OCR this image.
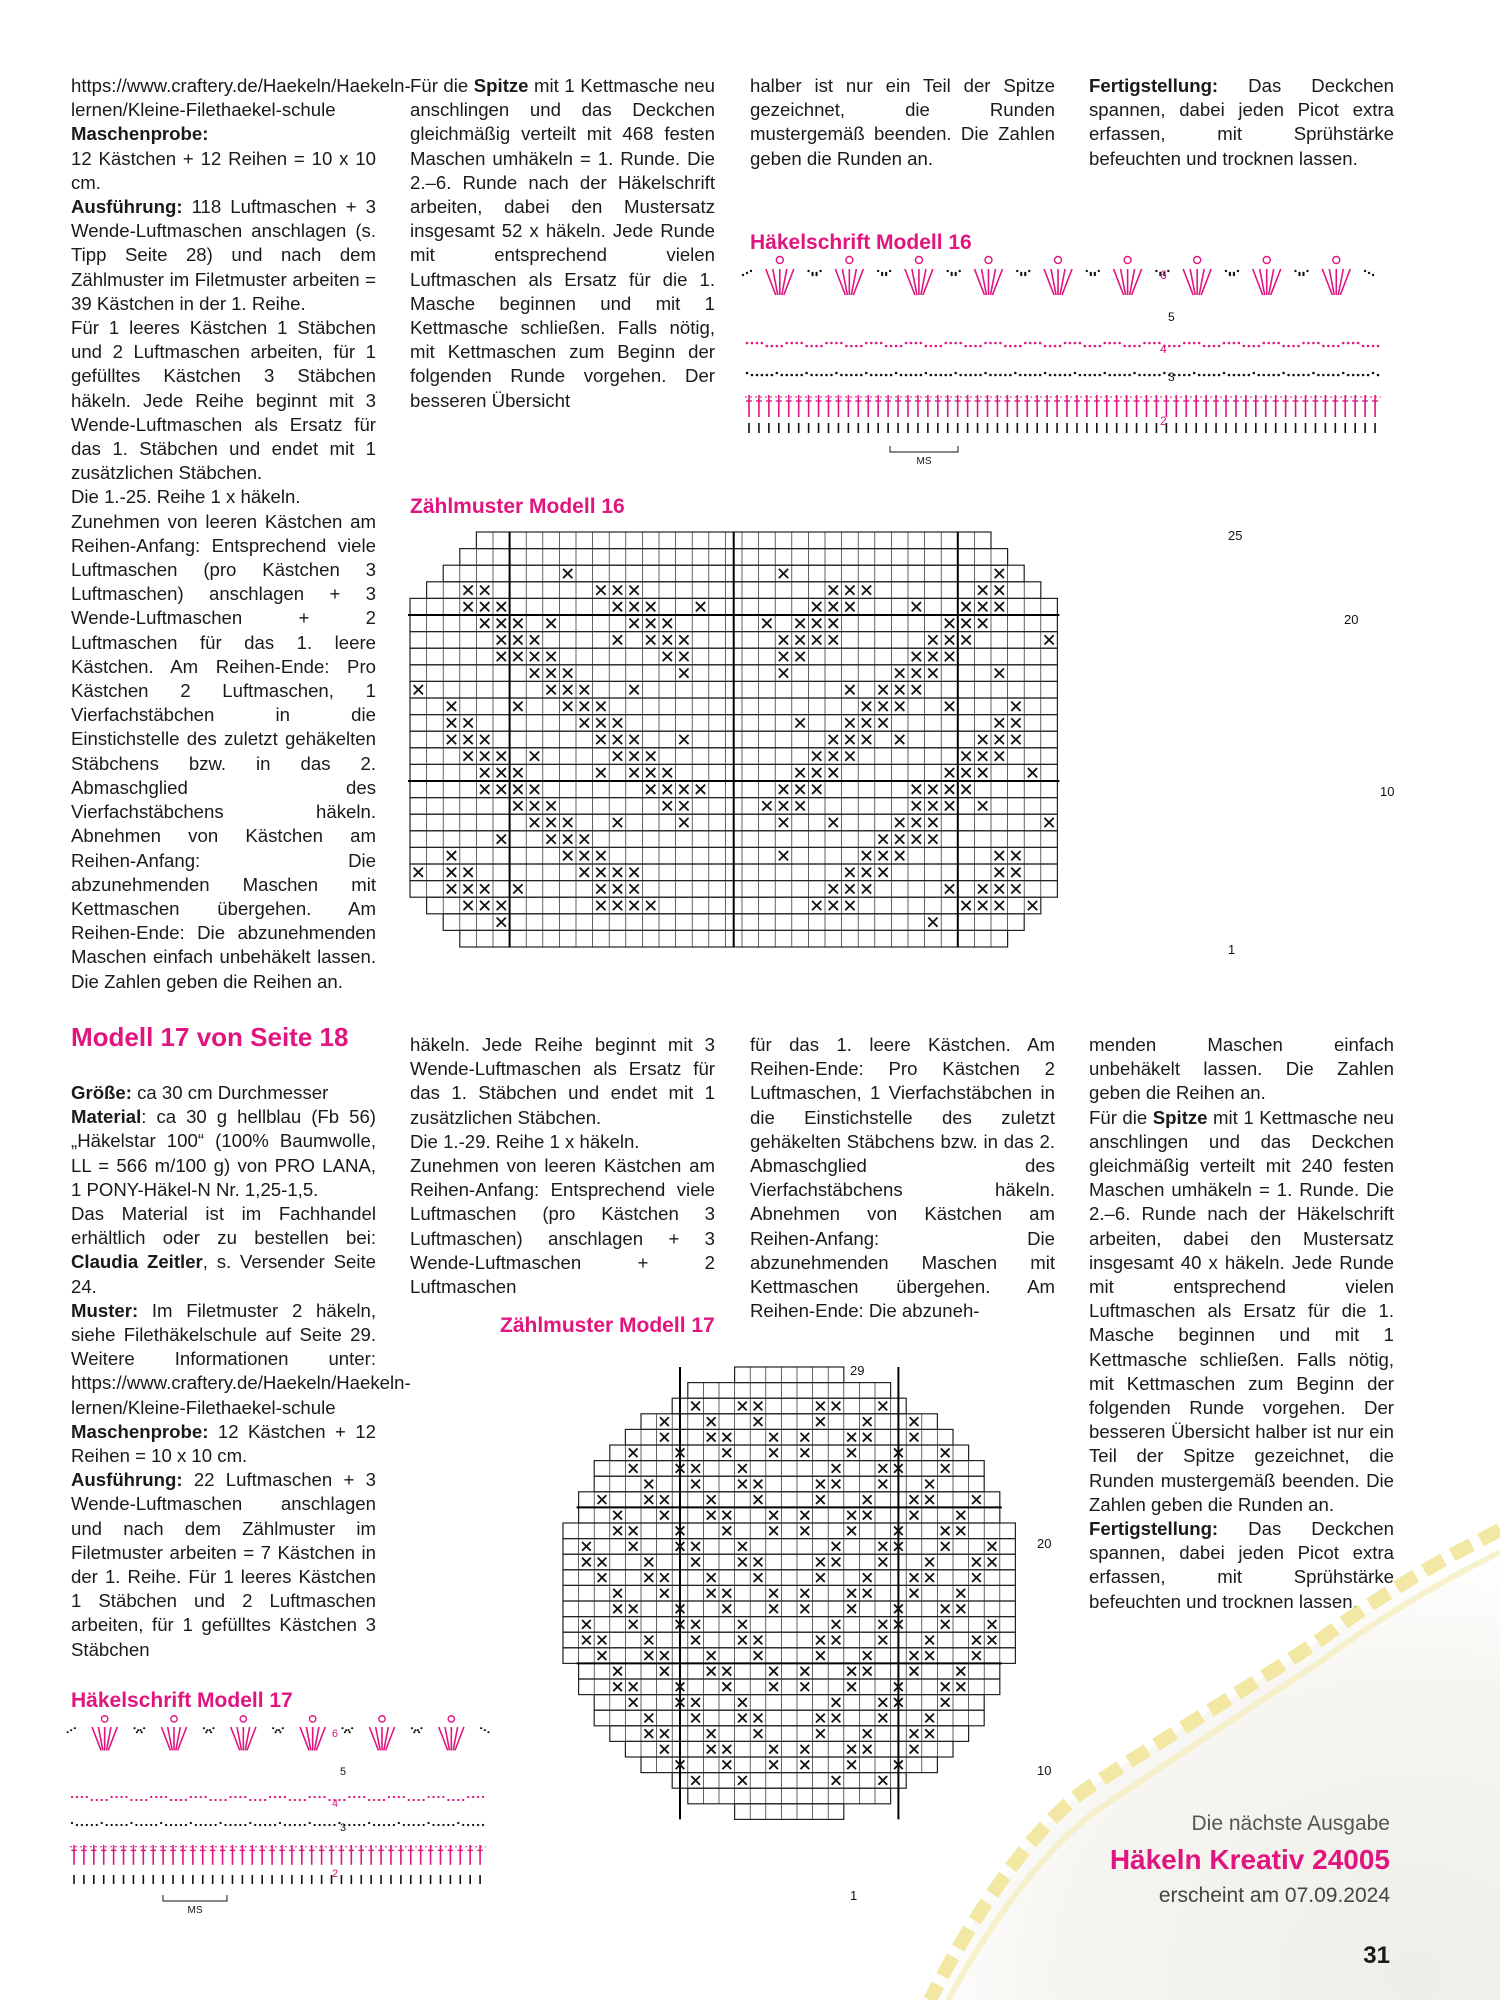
https://www.craftery.de/Haekeln/Haekeln-lernen/Kleine-Filethaekel-schule

Maschenprobe:

12 Kästchen + 12 Reihen = 10 x 10 cm.

Ausführung: 118 Luftmaschen + 3 Wende-Luftmaschen anschlagen (s. Tipp Seite 28) und nach dem Zählmuster im Filetmuster arbeiten = 39 Kästchen in der 1. Reihe.

Für 1 leeres Kästchen 1 Stäbchen und 2 Luftmaschen arbeiten, für 1 gefülltes Kästchen 3 Stäbchen häkeln. Jede Reihe beginnt mit 3 Wende-Luftmaschen als Ersatz für das 1. Stäbchen und endet mit 1 zusätzlichen Stäbchen.

Die 1.-25. Reihe 1 x häkeln.

Zunehmen von leeren Kästchen am Reihen-Anfang: Entsprechend viele Luftmaschen (pro Kästchen 3 Luftmaschen) anschlagen + 3 Wende-Luftmaschen + 2 Luftmaschen für das 1. leere Kästchen. Am Reihen-Ende: Pro Kästchen 2 Luftmaschen, 1 Vierfachstäbchen in die Einstichstelle des zuletzt gehäkelten Stäbchens bzw. in das 2. Abmaschglied des Vierfachstäbchens häkeln. Abnehmen von Kästchen am Reihen-Anfang: Die abzunehmenden Maschen mit Kettmaschen übergehen. Am Reihen-Ende: Die abzunehmenden Maschen einfach unbehäkelt lassen. Die Zahlen geben die Reihen an.

Für die Spitze mit 1 Kettmasche neu anschlingen und das Deckchen gleichmäßig verteilt mit 468 festen Maschen umhäkeln = 1. Runde. Die 2.–6. Runde nach der Häkelschrift arbeiten, dabei den Mustersatz insgesamt 52 x häkeln. Jede Runde mit entsprechend vielen Luftmaschen als Ersatz für die 1. Masche beginnen und mit 1 Kettmasche schließen. Falls nötig, mit Kettmaschen zum Beginn der folgenden Runde vorgehen. Der besseren Übersicht

halber ist nur ein Teil der Spitze gezeichnet, die Runden mustergemäß beenden. Die Zahlen geben die Runden an.

Fertigstellung: Das Deckchen spannen, dabei jeden Picot extra erfassen, mit Sprühstärke befeuchten und trocknen lassen.

Häkelschrift Modell 16
2
3
4
5
6
MS
Zählmuster Modell 16
25
20
10
1
Modell 17 von Seite 18

Größe: ca 30 cm Durchmesser

Material: ca 30 g hellblau (Fb 56) „Häkelstar 100“ (100% Baumwolle, LL = 566 m/100 g) von PRO LANA, 1 PONY-Häkel-N Nr. 1,25-1,5.

Das Material ist im Fachhandel erhältlich oder zu bestellen bei: Claudia Zeitler, s. Versender Seite 24.

Muster: Im Filetmuster 2 häkeln, siehe Filethäkelschule auf Seite 29. Weitere Informationen unter: https://www.craftery.de/Haekeln/Haekeln-lernen/Kleine-Filethaekel-schule

Maschenprobe: 12 Kästchen + 12 Reihen = 10 x 10 cm.

Ausführung: 22 Luftmaschen + 3 Wende-Luftmaschen anschlagen und nach dem Zählmuster im Filetmuster arbeiten = 7 Kästchen in der 1. Reihe. Für 1 leeres Kästchen 1 Stäbchen und 2 Luftmaschen arbeiten, für 1 gefülltes Kästchen 3 Stäbchen

häkeln. Jede Reihe beginnt mit 3 Wende-Luftmaschen als Ersatz für das 1. Stäbchen und endet mit 1 zusätzlichen Stäbchen.

Die 1.-29. Reihe 1 x häkeln.

Zunehmen von leeren Kästchen am Reihen-Anfang: Entsprechend viele Luftmaschen (pro Kästchen 3 Luftmaschen) anschlagen + 3 Wende-Luftmaschen + 2 Luftmaschen

für das 1. leere Kästchen. Am Reihen-Ende: Pro Kästchen 2 Luftmaschen, 1 Vierfachstäbchen in die Einstichstelle des zuletzt gehäkelten Stäbchens bzw. in das 2. Abmaschglied des Vierfachstäbchens häkeln. Abnehmen von Kästchen am Reihen-Anfang: Die abzunehmenden Maschen mit Kettmaschen übergehen. Am Reihen-Ende: Die abzuneh-

menden Maschen einfach unbehäkelt lassen. Die Zahlen geben die Reihen an.

Für die Spitze mit 1 Kettmasche neu anschlingen und das Deckchen gleichmäßig verteilt mit 240 festen Maschen umhäkeln = 1. Runde. Die 2.–6. Runde nach der Häkelschrift arbeiten, dabei den Mustersatz insgesamt 40 x häkeln. Jede Runde mit entsprechend vielen Luftmaschen als Ersatz für die 1. Masche beginnen und mit 1 Kettmasche schließen. Falls nötig, mit Kettmaschen zum Beginn der folgenden Runde vorgehen. Der besseren Übersicht halber ist nur ein Teil der Spitze gezeichnet, die Runden mustergemäß beenden. Die Zahlen geben die Runden an.

Fertigstellung: Das Deckchen spannen, dabei jeden Picot extra erfassen, mit Sprühstärke befeuchten und trocknen lassen.

Zählmuster Modell 17
29
20
10
1
Häkelschrift Modell 17
2
3
4
5
6
MS
Die nächste Ausgabe
Häkeln Kreativ 24005
erscheint am 07.09.2024
31
